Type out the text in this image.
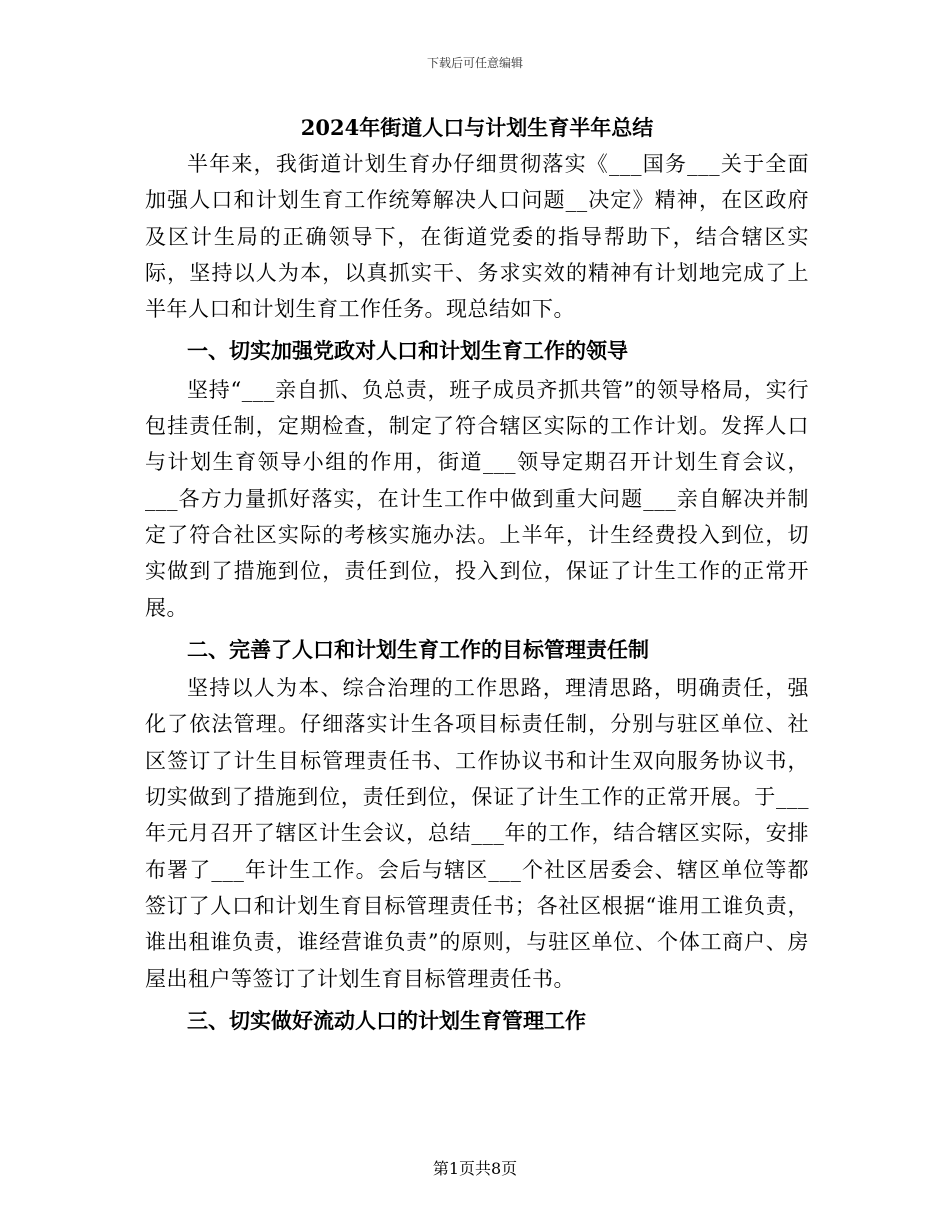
下载后可任意编辑

2024年街道人口与计划生育半年总结

半年来，我街道计划生育办仔细贯彻落实《___国务___关于全面加强人口和计划生育工作统筹解决人口问题__决定》精神，在区政府及区计生局的正确领导下，在街道党委的指导帮助下，结合辖区实际，坚持以人为本，以真抓实干、务求实效的精神有计划地完成了上半年人口和计划生育工作任务。现总结如下。

一、切实加强党政对人口和计划生育工作的领导

坚持“___亲自抓、负总责，班子成员齐抓共管”的领导格局，实行包挂责任制，定期检查，制定了符合辖区实际的工作计划。发挥人口与计划生育领导小组的作用，街道___领导定期召开计划生育会议，___各方力量抓好落实，在计生工作中做到重大问题___亲自解决并制定了符合社区实际的考核实施办法。上半年，计生经费投入到位，切实做到了措施到位，责任到位，投入到位，保证了计生工作的正常开展。

二、完善了人口和计划生育工作的目标管理责任制

坚持以人为本、综合治理的工作思路，理清思路，明确责任，强化了依法管理。仔细落实计生各项目标责任制，分别与驻区单位、社区签订了计生目标管理责任书、工作协议书和计生双向服务协议书，切实做到了措施到位，责任到位，保证了计生工作的正常开展。于___年元月召开了辖区计生会议，总结___年的工作，结合辖区实际，安排布署了___年计生工作。会后与辖区___个社区居委会、辖区单位等都签订了人口和计划生育目标管理责任书；各社区根据“谁用工谁负责，谁出租谁负责，谁经营谁负责”的原则，与驻区单位、个体工商户、房屋出租户等签订了计划生育目标管理责任书。

三、切实做好流动人口的计划生育管理工作

第1页共8页
